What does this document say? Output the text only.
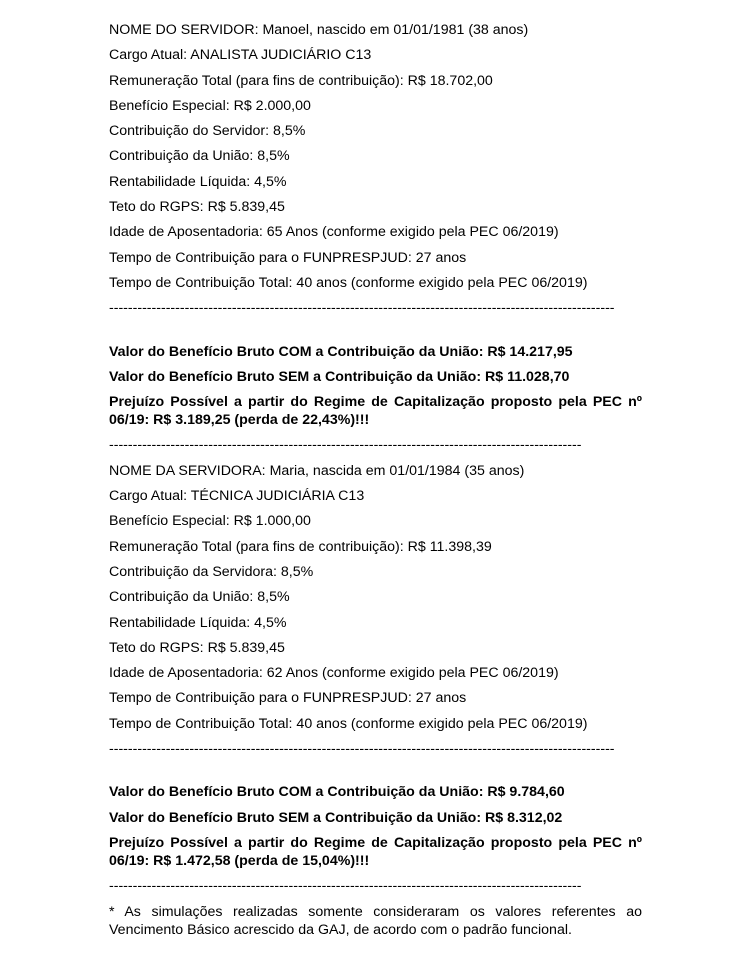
NOME DO SERVIDOR: Manoel, nascido em 01/01/1981 (38 anos)
Cargo Atual: ANALISTA JUDICIÁRIO C13
Remuneração Total (para fins de contribuição): R$ 18.702,00
Benefício Especial: R$ 2.000,00
Contribuição do Servidor: 8,5%
Contribuição da União: 8,5%
Rentabilidade Líquida: 4,5%
Teto do RGPS: R$ 5.839,45
Idade de Aposentadoria: 65 Anos (conforme exigido pela PEC 06/2019)
Tempo de Contribuição para o FUNPRESPJUD: 27 anos
Tempo de Contribuição Total: 40 anos (conforme exigido pela PEC 06/2019)
-----------------------------------------------------------------------------------------------------------
Valor do Benefício Bruto COM a Contribuição da União: R$ 14.217,95
Valor do Benefício Bruto SEM a Contribuição da União: R$ 11.028,70
Prejuízo Possível a partir do Regime de Capitalização proposto pela PEC nº 06/19: R$ 3.189,25 (perda de 22,43%)!!!
----------------------------------------------------------------------------------------------------
NOME DA SERVIDORA: Maria, nascida em 01/01/1984 (35 anos)
Cargo Atual: TÉCNICA JUDICIÁRIA C13
Benefício Especial: R$ 1.000,00
Remuneração Total (para fins de contribuição): R$ 11.398,39
Contribuição da Servidora: 8,5%
Contribuição da União: 8,5%
Rentabilidade Líquida: 4,5%
Teto do RGPS: R$ 5.839,45
Idade de Aposentadoria: 62 Anos (conforme exigido pela PEC 06/2019)
Tempo de Contribuição para o FUNPRESPJUD: 27 anos
Tempo de Contribuição Total: 40 anos (conforme exigido pela PEC 06/2019)
-----------------------------------------------------------------------------------------------------------
Valor do Benefício Bruto COM a Contribuição da União: R$ 9.784,60
Valor do Benefício Bruto SEM a Contribuição da União: R$ 8.312,02
Prejuízo Possível a partir do Regime de Capitalização proposto pela PEC nº 06/19: R$ 1.472,58 (perda de 15,04%)!!!
----------------------------------------------------------------------------------------------------

* As simulações realizadas somente consideraram os valores referentes ao Vencimento Básico acrescido da GAJ, de acordo com o padrão funcional.
